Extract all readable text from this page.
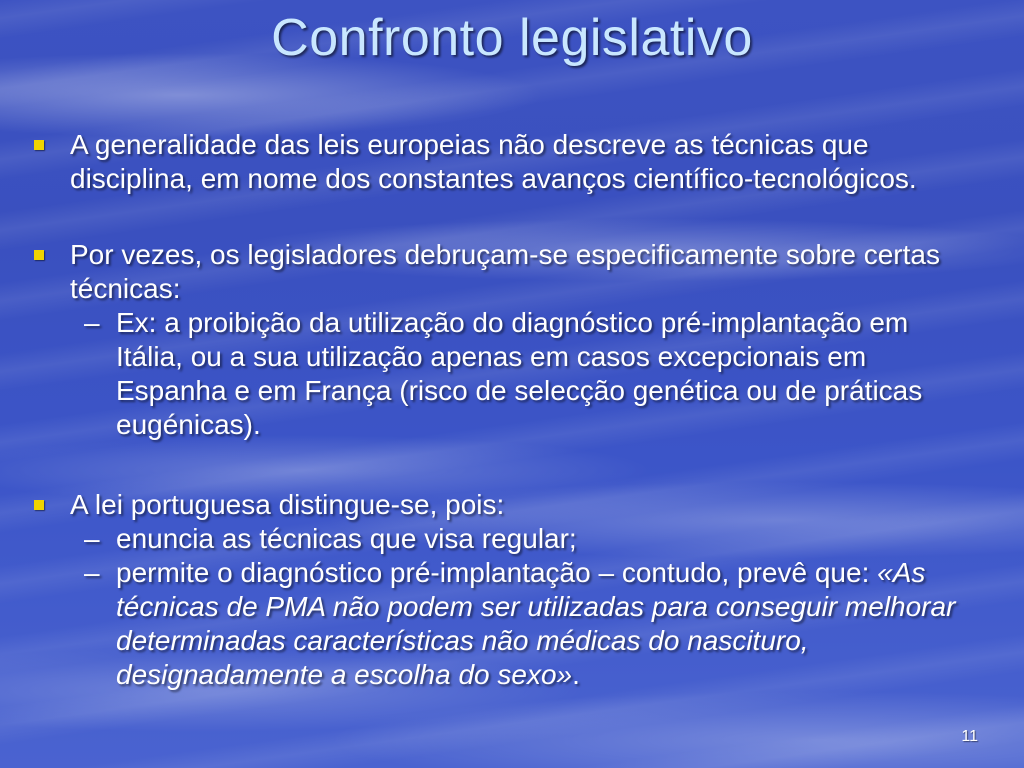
Confronto legislativo
A generalidade das leis europeias não descreve as técnicas que disciplina, em nome dos constantes avanços científico-tecnológicos.
Por vezes, os legisladores debruçam-se especificamente sobre certas técnicas:
– Ex: a proibição da utilização do diagnóstico pré-implantação em Itália, ou a sua utilização apenas em casos excepcionais em Espanha e em França (risco de selecção genética ou de práticas eugénicas).
A lei portuguesa distingue-se, pois:
– enuncia as técnicas que visa regular;
– permite o diagnóstico pré-implantação – contudo, prevê que: «As técnicas de PMA não podem ser utilizadas para conseguir melhorar determinadas características não médicas do nascituro, designadamente a escolha do sexo».
11
